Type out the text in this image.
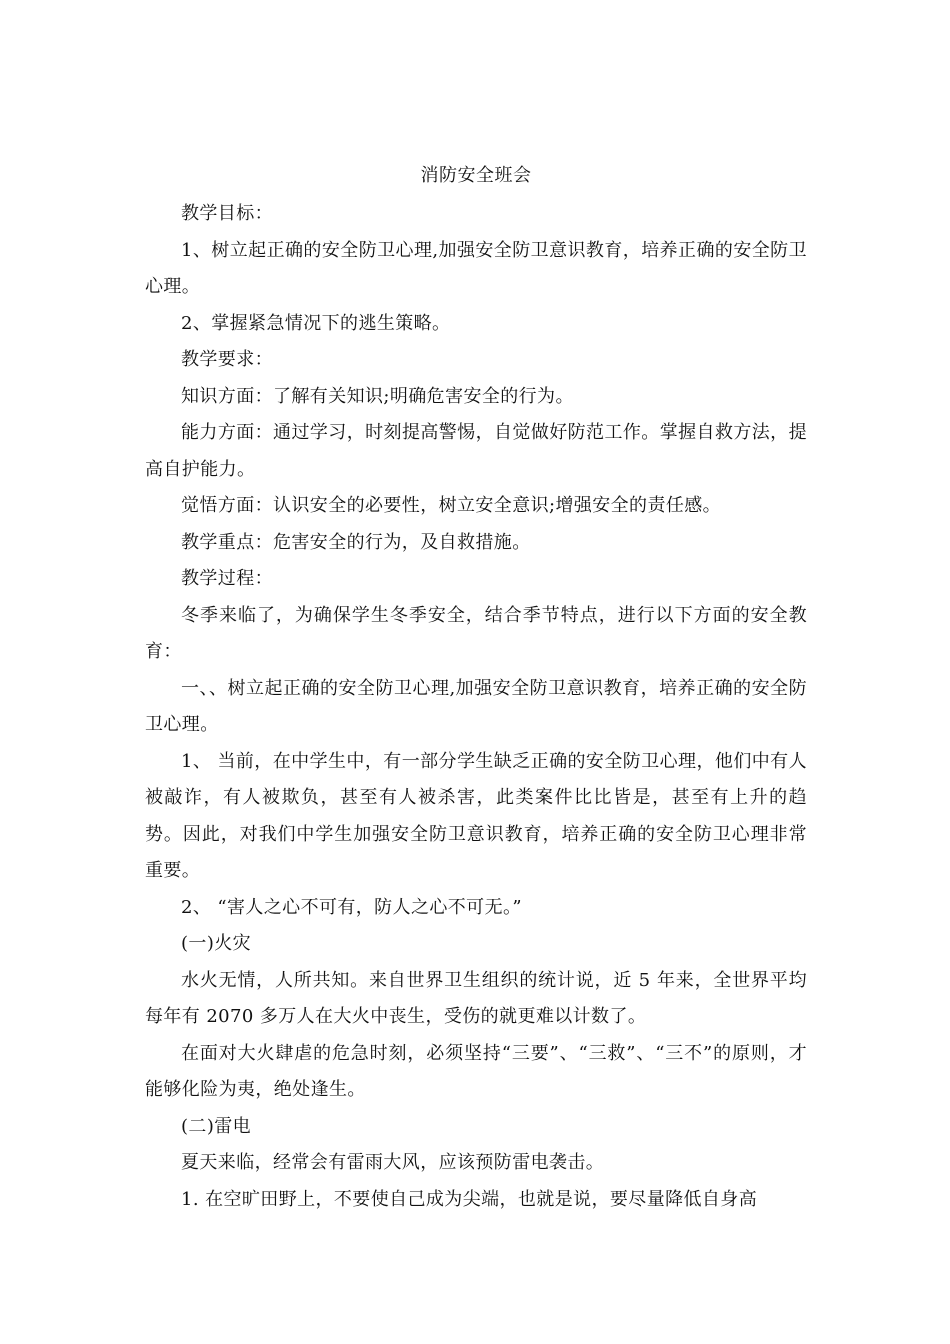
消防安全班会

教学目标：

1、树立起正确的安全防卫心理,加强安全防卫意识教育，培养正确的安全防卫心理。

2、掌握紧急情况下的逃生策略。

教学要求：

知识方面：了解有关知识;明确危害安全的行为。

能力方面：通过学习，时刻提高警惕，自觉做好防范工作。掌握自救方法，提高自护能力。

觉悟方面：认识安全的必要性，树立安全意识;增强安全的责任感。

教学重点：危害安全的行为，及自救措施。

教学过程：

冬季来临了，为确保学生冬季安全，结合季节特点，进行以下方面的安全教育：

一、、树立起正确的安全防卫心理,加强安全防卫意识教育，培养正确的安全防卫心理。

1、 当前，在中学生中，有一部分学生缺乏正确的安全防卫心理，他们中有人被敲诈，有人被欺负，甚至有人被杀害，此类案件比比皆是，甚至有上升的趋势。因此，对我们中学生加强安全防卫意识教育，培养正确的安全防卫心理非常重要。

2、 “害人之心不可有，防人之心不可无。”

(一)火灾

水火无情，人所共知。来自世界卫生组织的统计说，近 5 年来，全世界平均每年有 2070 多万人在大火中丧生，受伤的就更难以计数了。

在面对大火肆虐的危急时刻，必须坚持“三要”、“三救”、“三不”的原则，才能够化险为夷，绝处逢生。

(二)雷电

夏天来临，经常会有雷雨大风，应该预防雷电袭击。

1. 在空旷田野上，不要使自己成为尖端，也就是说，要尽量降低自身高
